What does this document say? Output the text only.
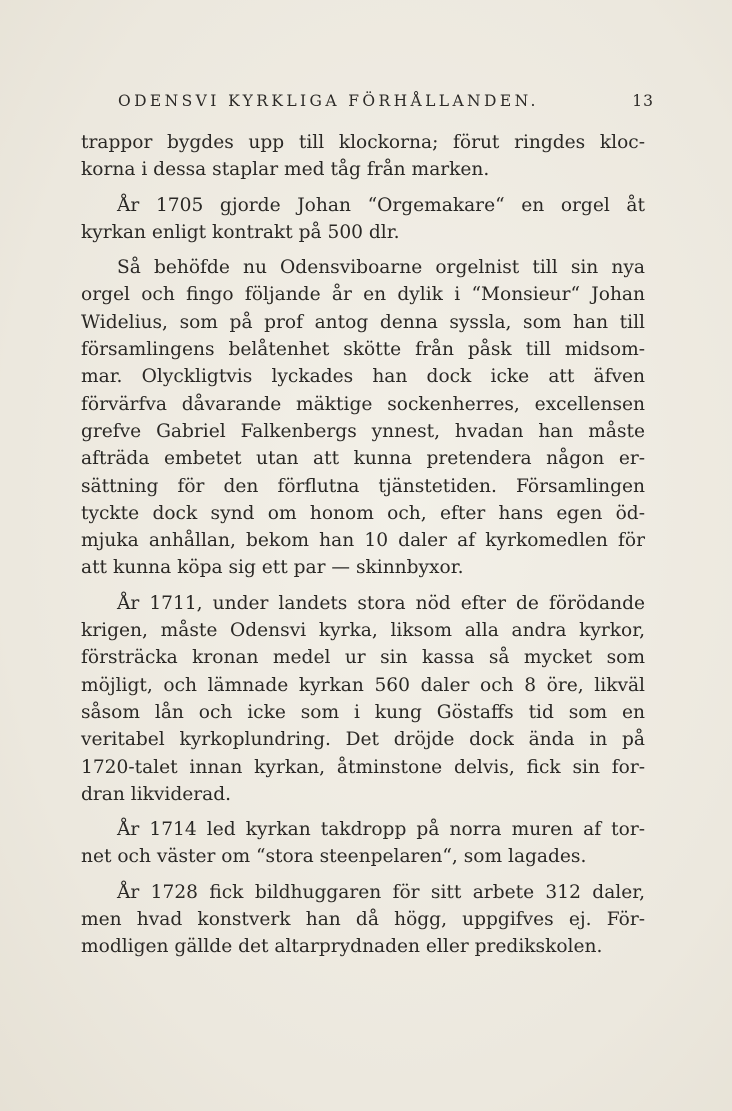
ODENSVI KYRKLIGA FÖRHÅLLANDEN.	13
trappor bygdes upp till klockorna; förut ringdes kloc-
korna i dessa staplar med tåg från marken.
År 1705 gjorde Johan “Orgemakare“ en orgel åt
kyrkan enligt kontrakt på 500 dlr.
Så behöfde nu Odensviboarne orgelnist till sin nya
orgel och fingo följande år en dylik i “Monsieur“ Johan
Widelius, som på prof antog denna syssla, som han till
församlingens belåtenhet skötte från påsk till midsom-
mar. Olyckligtvis lyckades han dock icke att äfven
förvärfva dåvarande mäktige sockenherres, excellensen
grefve Gabriel Falkenbergs ynnest, hvadan han måste
afträda embetet utan att kunna pretendera någon er-
sättning för den förflutna tjänstetiden. Församlingen
tyckte dock synd om honom och, efter hans egen öd-
mjuka anhållan, bekom han 10 daler af kyrkomedlen för
att kunna köpa sig ett par — skinnbyxor.
År 1711, under landets stora nöd efter de förödande
krigen, måste Odensvi kyrka, liksom alla andra kyrkor,
försträcka kronan medel ur sin kassa så mycket som
möjligt, och lämnade kyrkan 560 daler och 8 öre, likväl
såsom lån och icke som i kung Göstaffs tid som en
veritabel kyrkoplundring. Det dröjde dock ända in på
1720-talet innan kyrkan, åtminstone delvis, fick sin for-
dran likviderad.
År 1714 led kyrkan takdropp på norra muren af tor-
net och väster om “stora steenpelaren“, som lagades.
År 1728 fick bildhuggaren för sitt arbete 312 daler,
men hvad konstverk han då högg, uppgifves ej. För-
modligen gällde det altarprydnaden eller predikskolen.
